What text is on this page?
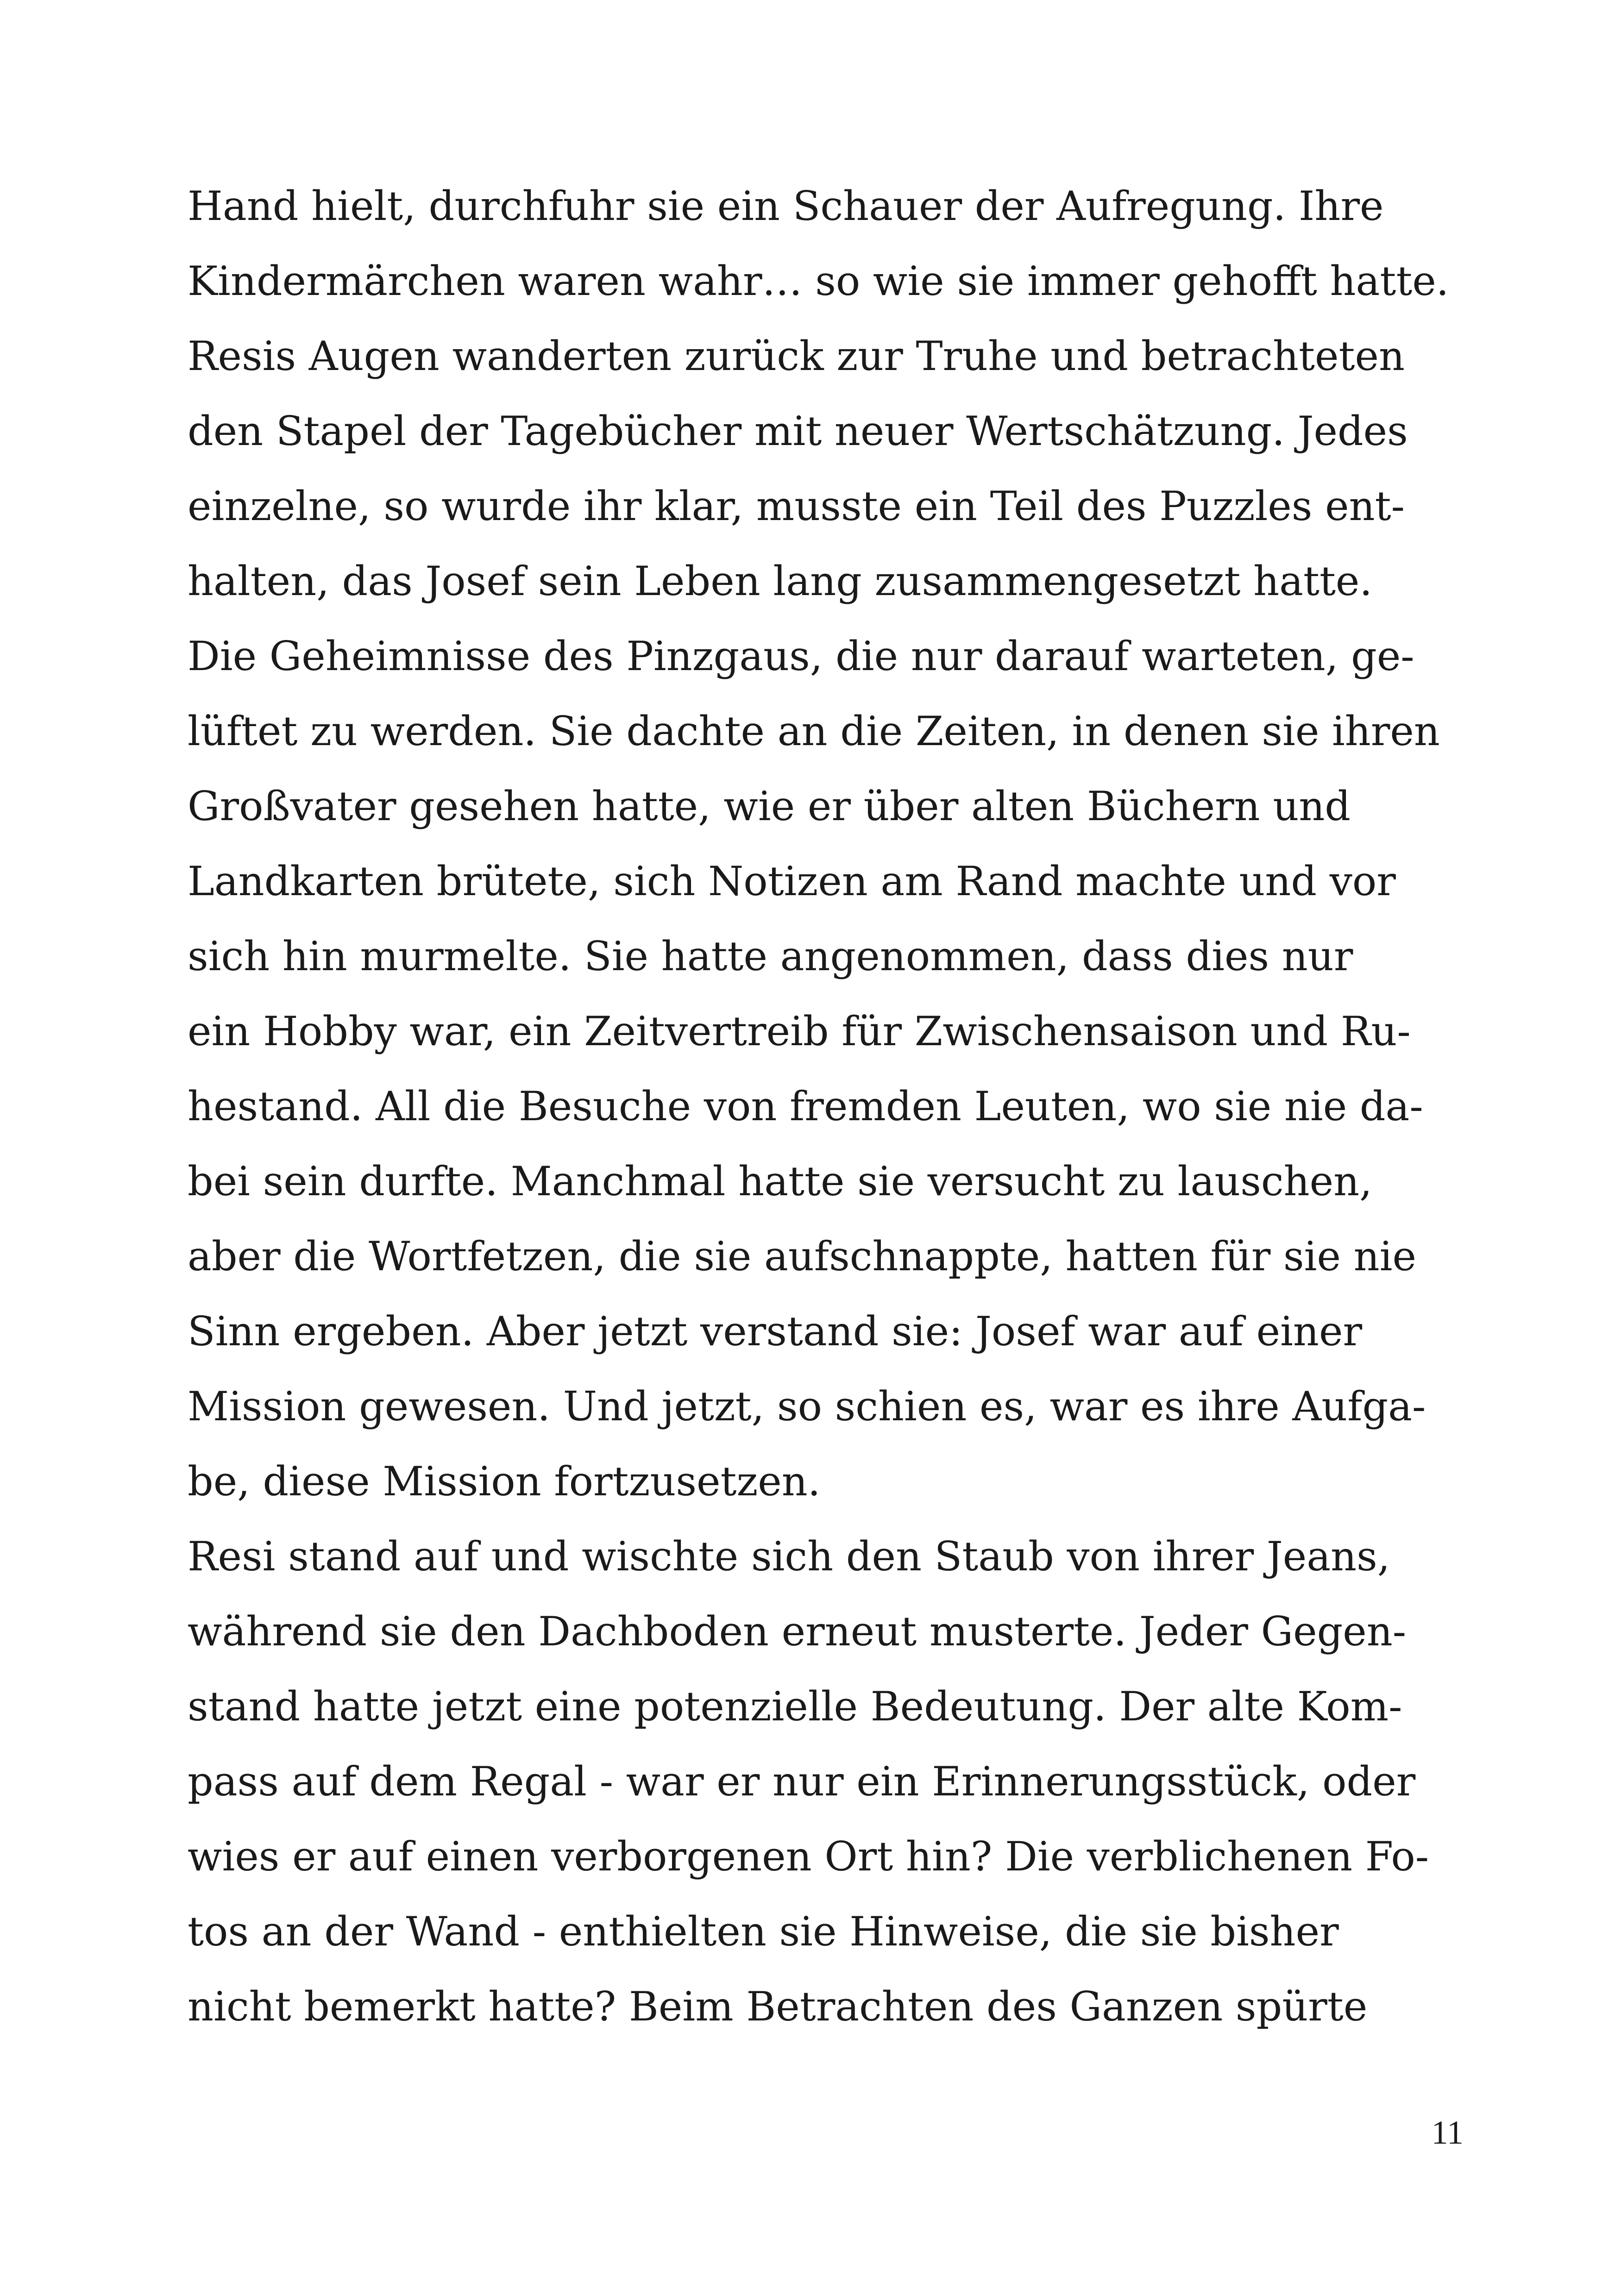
Hand hielt, durchfuhr sie ein Schauer der Aufregung. Ihre
Kindermärchen waren wahr… so wie sie immer gehofft hatte.
Resis Augen wanderten zurück zur Truhe und betrachteten
den Stapel der Tagebücher mit neuer Wertschätzung. Jedes
einzelne, so wurde ihr klar, musste ein Teil des Puzzles ent-
halten, das Josef sein Leben lang zusammengesetzt hatte.
Die Geheimnisse des Pinzgaus, die nur darauf warteten, ge-
lüftet zu werden. Sie dachte an die Zeiten, in denen sie ihren
Großvater gesehen hatte, wie er über alten Büchern und
Landkarten brütete, sich Notizen am Rand machte und vor
sich hin murmelte. Sie hatte angenommen, dass dies nur
ein Hobby war, ein Zeitvertreib für Zwischensaison und Ru-
hestand. All die Besuche von fremden Leuten, wo sie nie da-
bei sein durfte. Manchmal hatte sie versucht zu lauschen,
aber die Wortfetzen, die sie aufschnappte, hatten für sie nie
Sinn ergeben. Aber jetzt verstand sie: Josef war auf einer
Mission gewesen. Und jetzt, so schien es, war es ihre Aufga-
be, diese Mission fortzusetzen.
Resi stand auf und wischte sich den Staub von ihrer Jeans,
während sie den Dachboden erneut musterte. Jeder Gegen-
stand hatte jetzt eine potenzielle Bedeutung. Der alte Kom-
pass auf dem Regal - war er nur ein Erinnerungsstück, oder
wies er auf einen verborgenen Ort hin? Die verblichenen Fo-
tos an der Wand - enthielten sie Hinweise, die sie bisher
nicht bemerkt hatte? Beim Betrachten des Ganzen spürte
11
